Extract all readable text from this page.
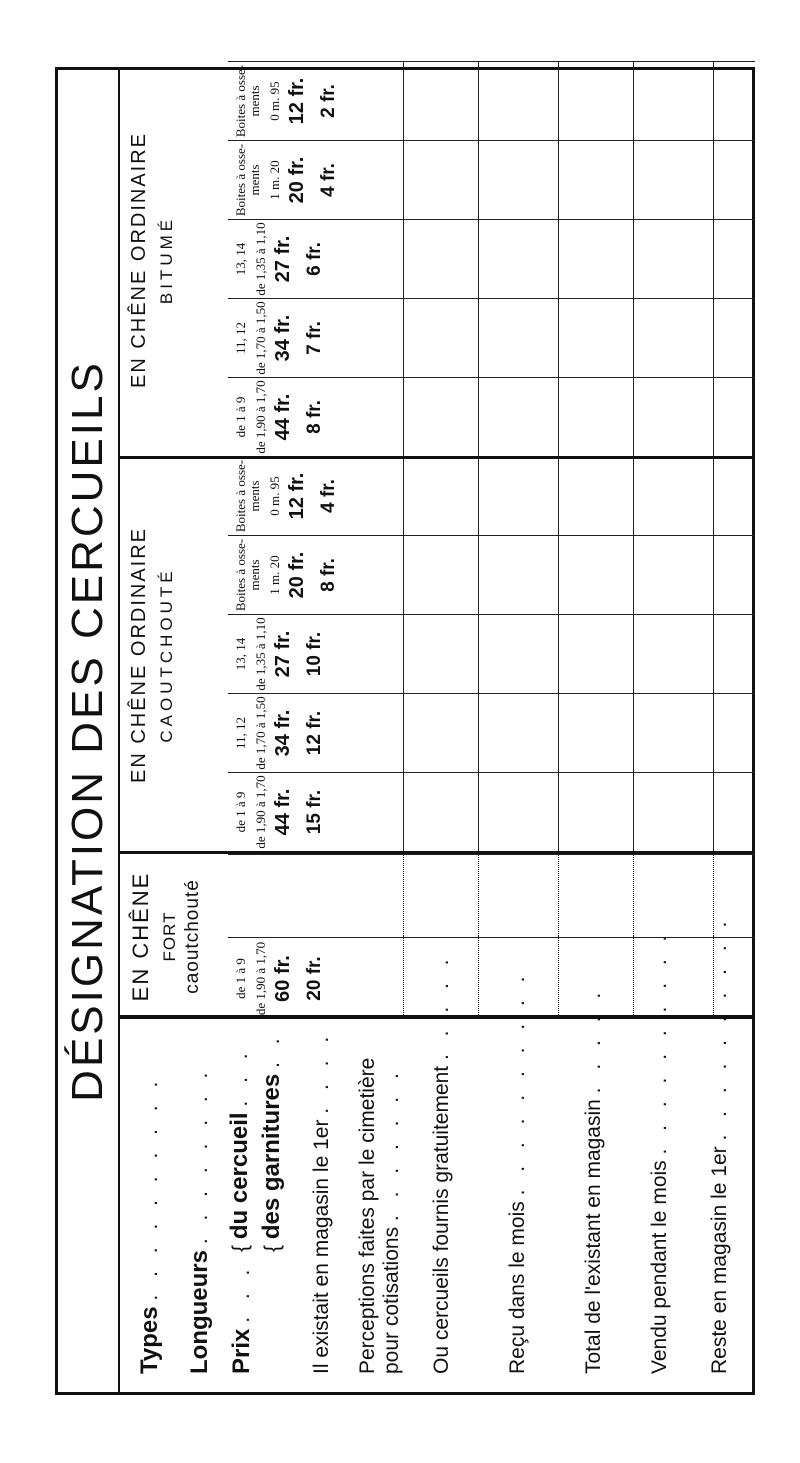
DÉSIGNATION DES CERCUEILS
Types . . . . . . . . . .
Longueurs . . . . . . . .
Prix . . .
{ du cercueil . . .
{ des garnitures . .
Il existait en magasin le 1er . . . . . Perceptions faites par le cimetière pour cotisations . . . . . . . Ou cercueils fournis gratuitement . . . . .
Reçu dans le mois . . . . . . . . . .
Total de l'existant en magasin . . . . .
Vendu pendant le mois . . . . . . . . . .
Reste en magasin le 1er . . . . . . . . . .
EN CHÊNE FORT caoutchouté de 1 à 9 de 1,90 à 1,70 60 fr. 20 fr.
EN CHÊNE ORDINAIRE CAOUTCHOUTÉ
de 1 à 9 de 1,90 à 1,70 44 fr. 15 fr.
11, 12 de 1,70 à 1,50 34 fr. 12 fr.
13, 14 de 1,35 à 1,10 27 fr. 10 fr.
Boites à osse-ments 1 m. 20 20 fr. 8 fr.
Boites à osse-ments 0 m. 95 12 fr. 4 fr.
EN CHÊNE ORDINAIRE BITUMÉ
de 1 à 9 de 1,90 à 1,70 44 fr. 8 fr.
11, 12 de 1,70 à 1,50 34 fr. 7 fr.
13, 14 de 1,35 à 1,10 27 fr. 6 fr.
Boites à osse-ments 1 m. 20 20 fr. 4 fr.
Boites à osse-ments 0 m. 95 12 fr. 2 fr.
